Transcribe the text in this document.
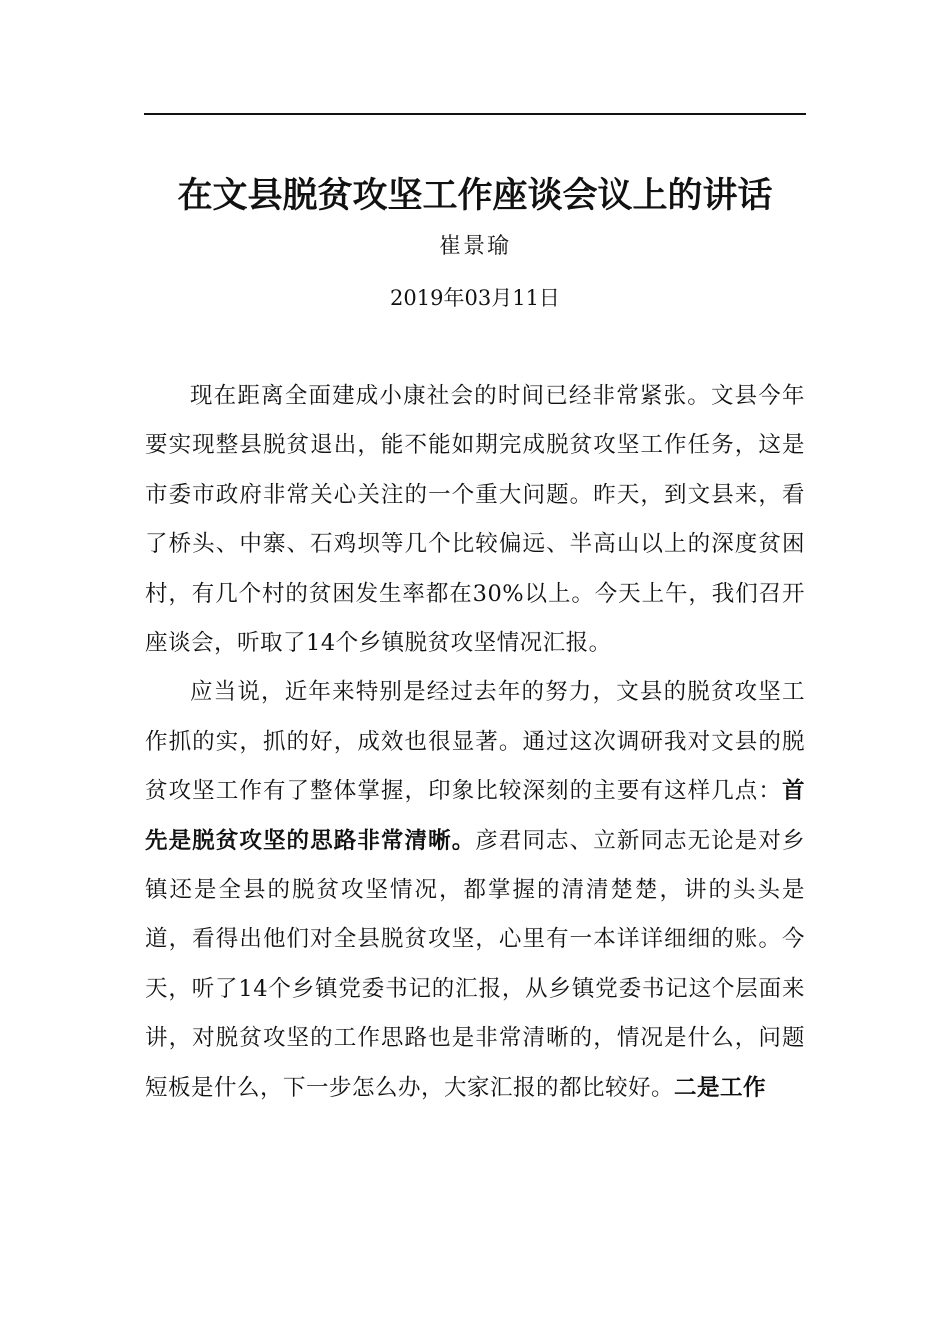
在文县脱贫攻坚工作座谈会议上的讲话
崔景瑜
2019年03月11日

现在距离全面建成小康社会的时间已经非常紧张。文县今年要实现整县脱贫退出，能不能如期完成脱贫攻坚工作任务，这是市委市政府非常关心关注的一个重大问题。昨天，到文县来，看了桥头、中寨、石鸡坝等几个比较偏远、半高山以上的深度贫困村，有几个村的贫困发生率都在30%以上。今天上午，我们召开座谈会，听取了14个乡镇脱贫攻坚情况汇报。

应当说，近年来特别是经过去年的努力，文县的脱贫攻坚工作抓的实，抓的好，成效也很显著。通过这次调研我对文县的脱贫攻坚工作有了整体掌握，印象比较深刻的主要有这样几点：首先是脱贫攻坚的思路非常清晰。彦君同志、立新同志无论是对乡镇还是全县的脱贫攻坚情况，都掌握的清清楚楚，讲的头头是道，看得出他们对全县脱贫攻坚，心里有一本详详细细的账。今天，听了14个乡镇党委书记的汇报，从乡镇党委书记这个层面来讲，对脱贫攻坚的工作思路也是非常清晰的，情况是什么，问题短板是什么，下一步怎么办，大家汇报的都比较好。二是工作
